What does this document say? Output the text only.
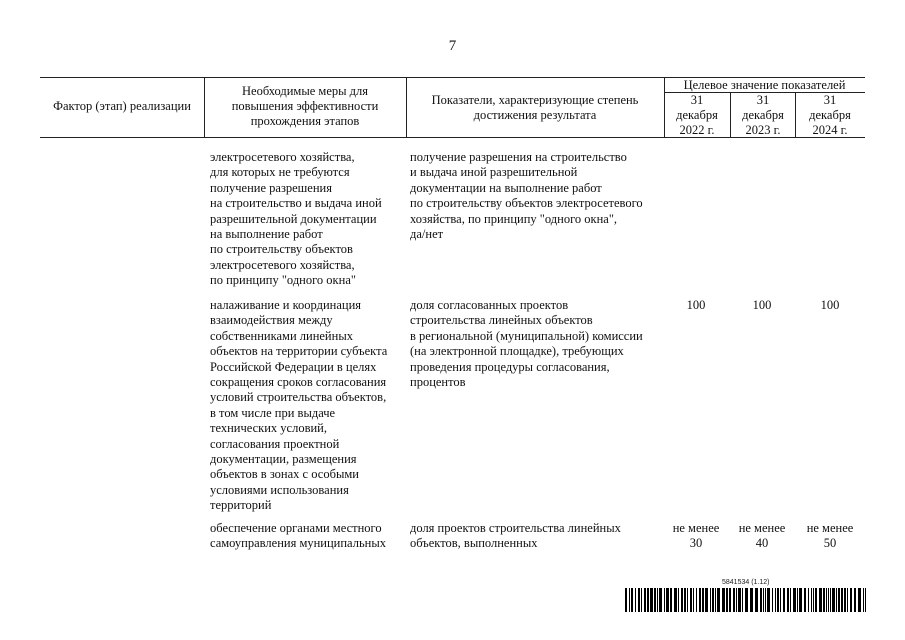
7
Фактор (этап) реализации
Необходимые меры для повышения эффективности прохождения этапов
Показатели, характеризующие степень достижения результата
Целевое значение показателей
31 декабря 2022 г.
31 декабря 2023 г.
31 декабря 2024 г.
электросетевого хозяйства,
для которых не требуются
получение разрешения
на строительство и выдача иной
разрешительной документации
на выполнение работ
по строительству объектов
электросетевого хозяйства,
по принципу "одного окна"
получение разрешения на строительство
и выдача иной разрешительной
документации на выполнение работ
по строительству объектов электросетевого
хозяйства, по принципу "одного окна",
да/нет
налаживание и координация
взаимодействия между
собственниками линейных
объектов на территории субъекта
Российской Федерации в целях
сокращения сроков согласования
условий строительства объектов,
в том числе при выдаче
технических условий,
согласования проектной
документации, размещения
объектов в зонах с особыми
условиями использования
территорий
доля согласованных проектов
строительства линейных объектов
в региональной (муниципальной) комиссии
(на электронной площадке), требующих
проведения процедуры согласования,
процентов
100	100	100
обеспечение органами местного
самоуправления муниципальных
доля проектов строительства линейных
объектов, выполненных
не менее
30
не менее
40
не менее
50
5841534 (1.12)
